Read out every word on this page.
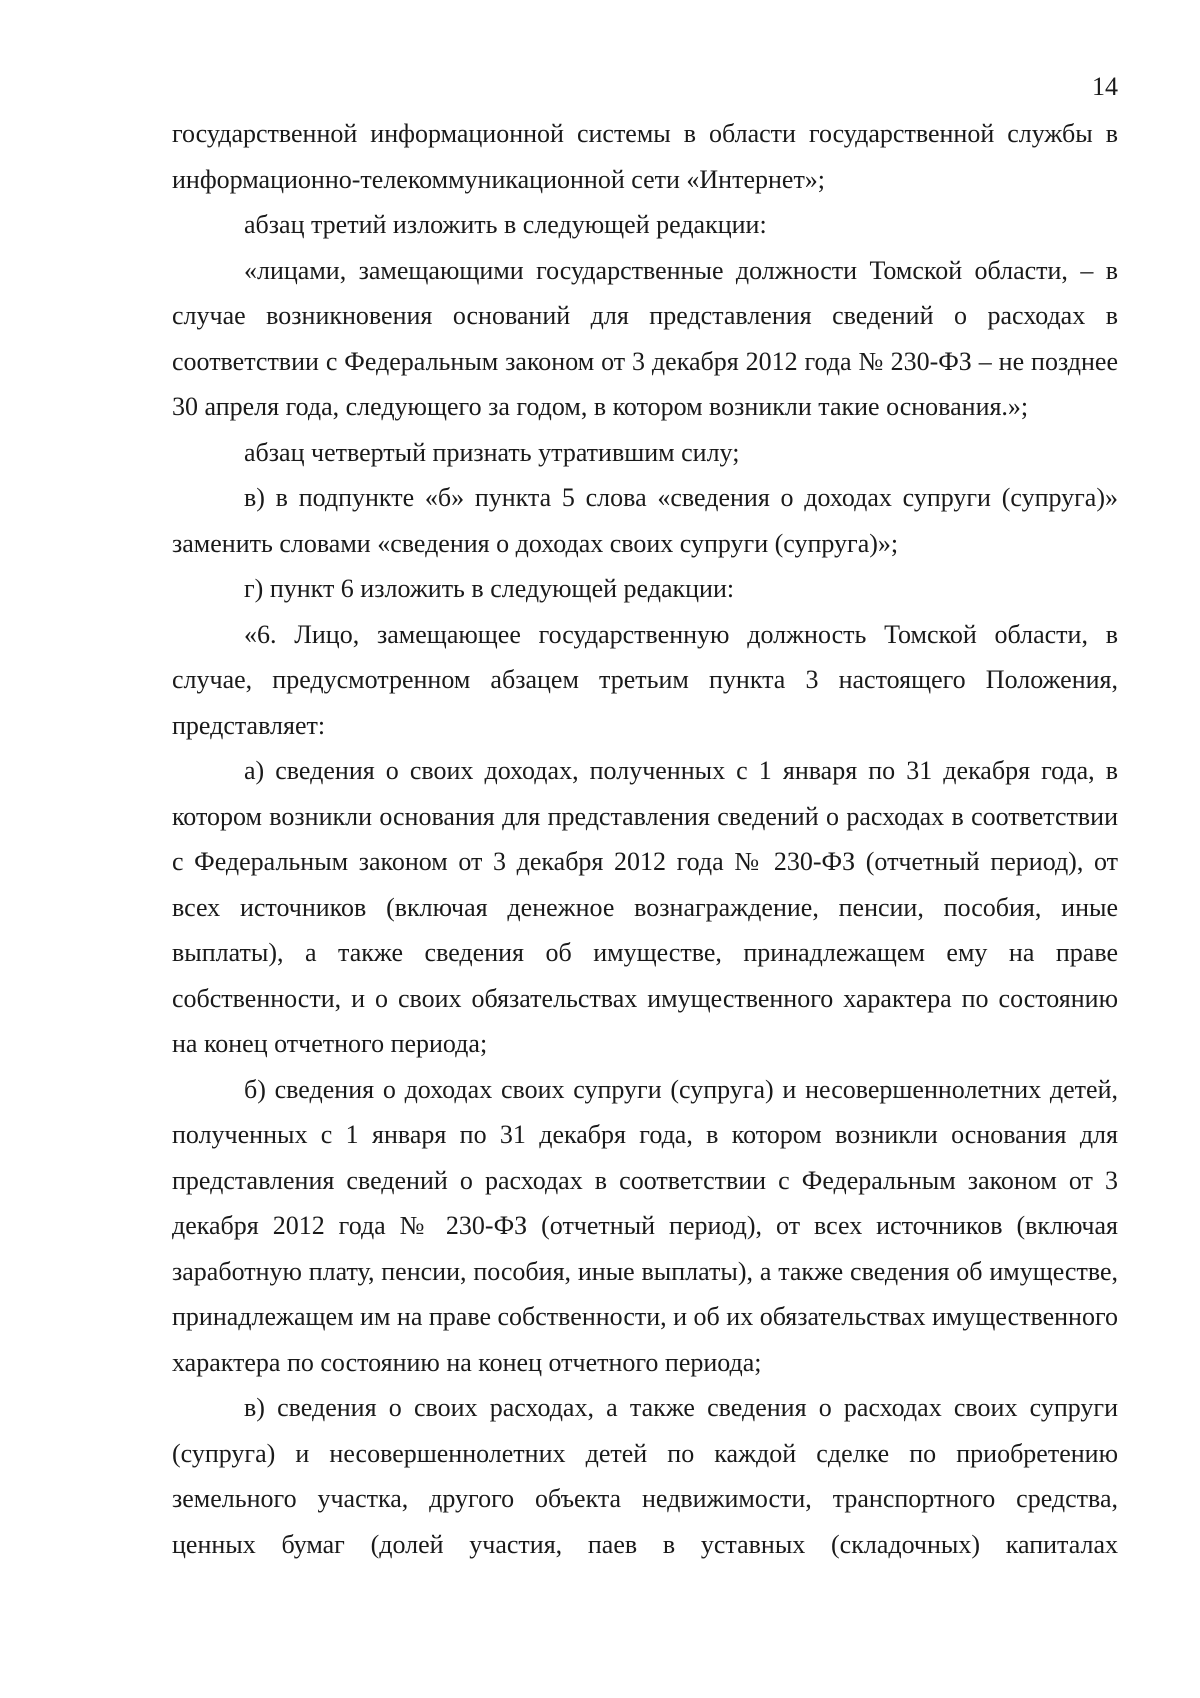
14

государственной информационной системы в области государственной службы в информационно-телекоммуникационной сети «Интернет»;

абзац третий изложить в следующей редакции:

«лицами, замещающими государственные должности Томской области, – в случае возникновения оснований для представления сведений о расходах в соответствии с Федеральным законом от 3 декабря 2012 года № 230-ФЗ – не позднее 30 апреля года, следующего за годом, в котором возникли такие основания.»;

абзац четвертый признать утратившим силу;

в) в подпункте «б» пункта 5 слова «сведения о доходах супруги (супруга)» заменить словами «сведения о доходах своих супруги (супруга)»;

г) пункт 6 изложить в следующей редакции:

«6. Лицо, замещающее государственную должность Томской области, в случае, предусмотренном абзацем третьим пункта 3 настоящего Положения, представляет:

а) сведения о своих доходах, полученных с 1 января по 31 декабря года, в котором возникли основания для представления сведений о расходах в соответствии с Федеральным законом от 3 декабря 2012 года № 230-ФЗ (отчетный период), от всех источников (включая денежное вознаграждение, пенсии, пособия, иные выплаты), а также сведения об имуществе, принадлежащем ему на праве собственности, и о своих обязательствах имущественного характера по состоянию на конец отчетного периода;

б) сведения о доходах своих супруги (супруга) и несовершеннолетних детей, полученных с 1 января по 31 декабря года, в котором возникли основания для представления сведений о расходах в соответствии с Федеральным законом от 3 декабря 2012 года № 230-ФЗ (отчетный период), от всех источников (включая заработную плату, пенсии, пособия, иные выплаты), а также сведения об имуществе, принадлежащем им на праве собственности, и об их обязательствах имущественного характера по состоянию на конец отчетного периода;

в) сведения о своих расходах, а также сведения о расходах своих супруги (супруга) и несовершеннолетних детей по каждой сделке по приобретению земельного участка, другого объекта недвижимости, транспортного средства, ценных бумаг (долей участия, паев в уставных (складочных) капиталах
